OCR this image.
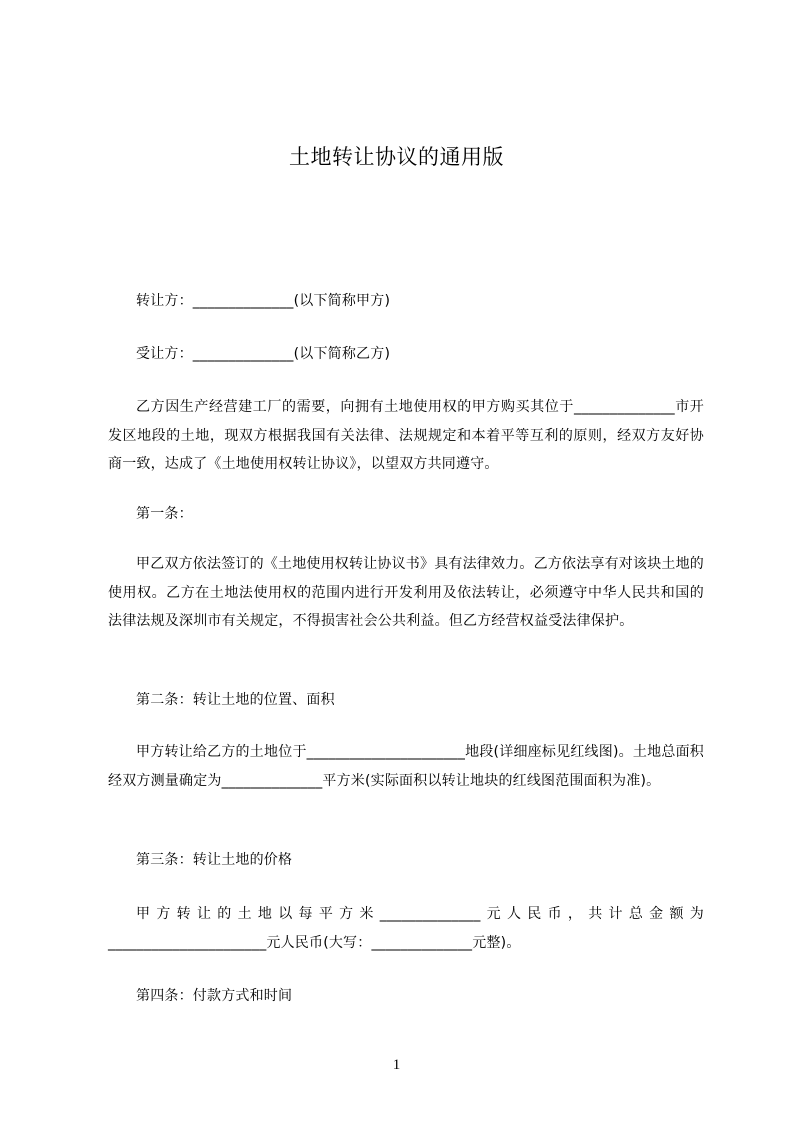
土地转让协议的通用版
转让方：______________(以下简称甲方)
受让方：______________(以下简称乙方)
乙方因生产经营建工厂的需要，向拥有土地使用权的甲方购买其位于______________市开发区地段的土地，现双方根据我国有关法律、法规规定和本着平等互利的原则，经双方友好协商一致，达成了《土地使用权转让协议》，以望双方共同遵守。
第一条：
甲乙双方依法签订的《土地使用权转让协议书》具有法律效力。乙方依法享有对该块土地的使用权。乙方在土地法使用权的范围内进行开发利用及依法转让，必须遵守中华人民共和国的法律法规及深圳市有关规定，不得损害社会公共利益。但乙方经营权益受法律保护。
第二条：转让土地的位置、面积
甲方转让给乙方的土地位于______________________地段(详细座标见红线图)。土地总面积经双方测量确定为______________平方米(实际面积以转让地块的红线图范围面积为准)。
第三条：转让土地的价格
甲方转让的土地以每平方米______________元人民币，共计总金额为______________________元人民币(大写：______________元整)。
第四条：付款方式和时间
1
